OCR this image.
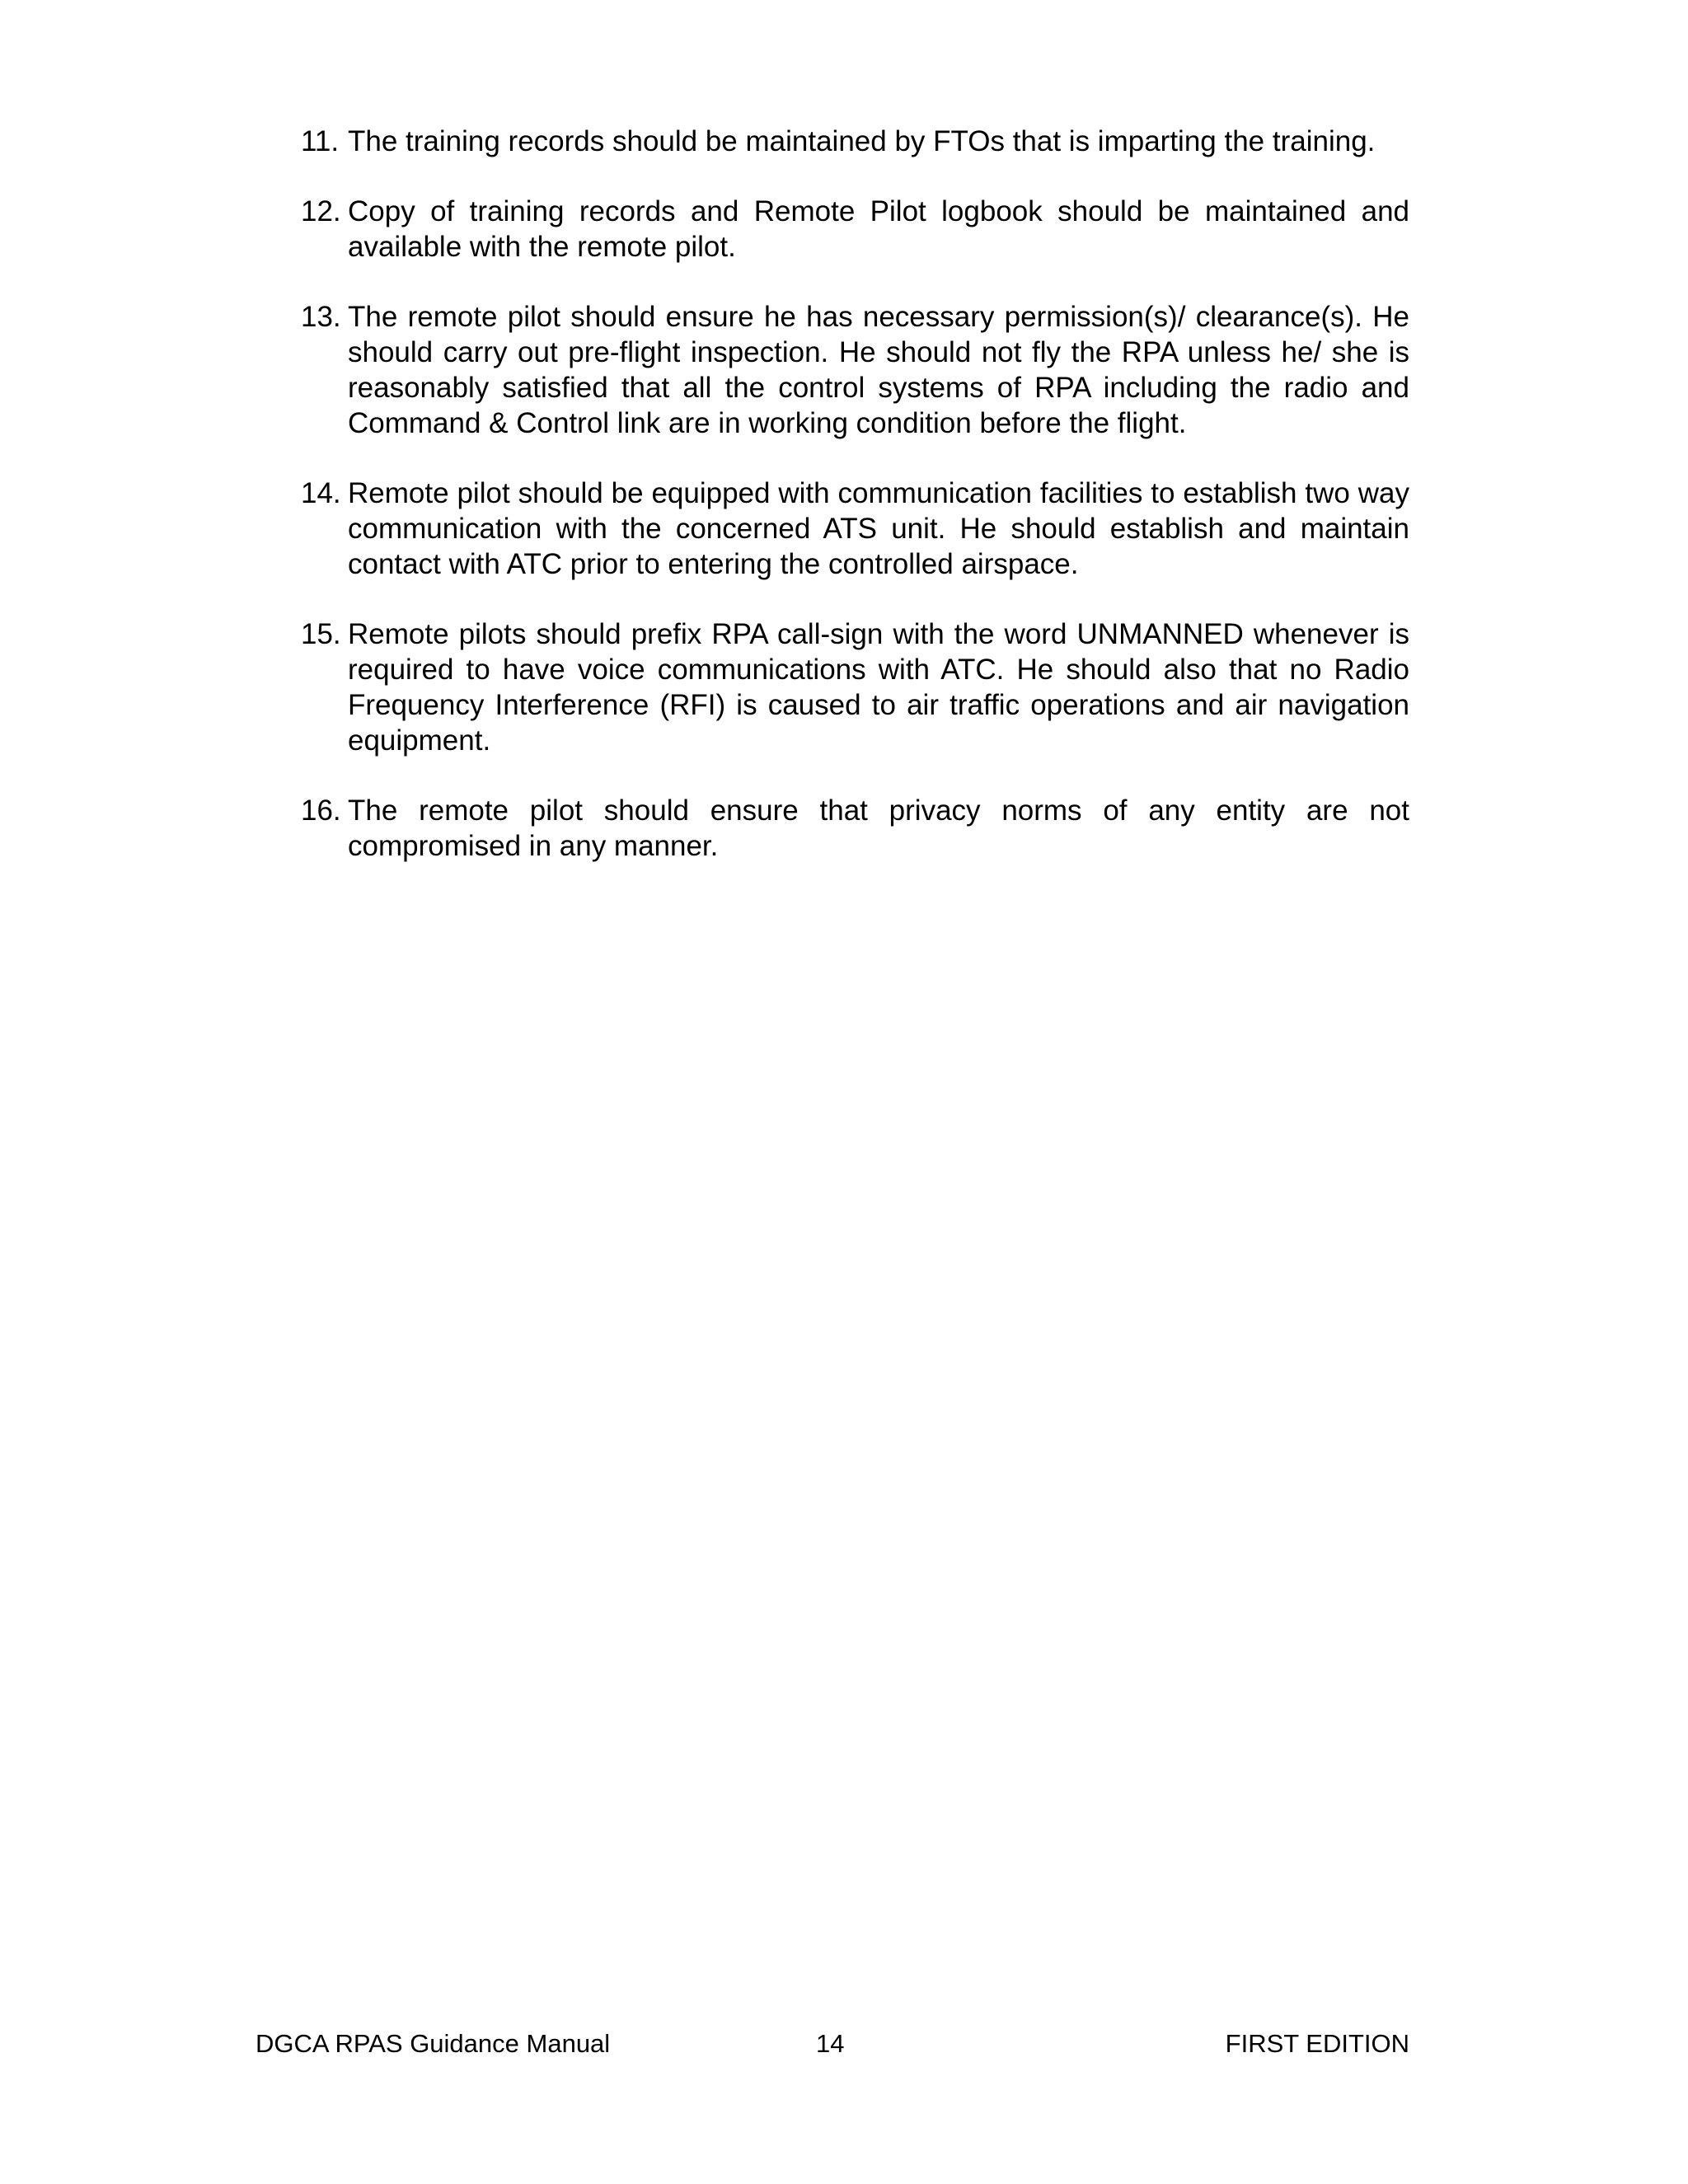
11. The training records should be maintained by FTOs that is imparting the training.
12. Copy of training records and Remote Pilot logbook should be maintained and available with the remote pilot.
13. The remote pilot should ensure he has necessary permission(s)/ clearance(s). He should carry out pre-flight inspection. He should not fly the RPA unless he/ she is reasonably satisfied that all the control systems of RPA including the radio and Command & Control link are in working condition before the flight.
14. Remote pilot should be equipped with communication facilities to establish two way communication with the concerned ATS unit. He should establish and maintain contact with ATC prior to entering the controlled airspace.
15. Remote pilots should prefix RPA call-sign with the word UNMANNED whenever is required to have voice communications with ATC. He should also that no Radio Frequency Interference (RFI) is caused to air traffic operations and air navigation equipment.
16. The remote pilot should ensure that privacy norms of any entity are not compromised in any manner.
DGCA RPAS Guidance Manual	14	FIRST EDITION
